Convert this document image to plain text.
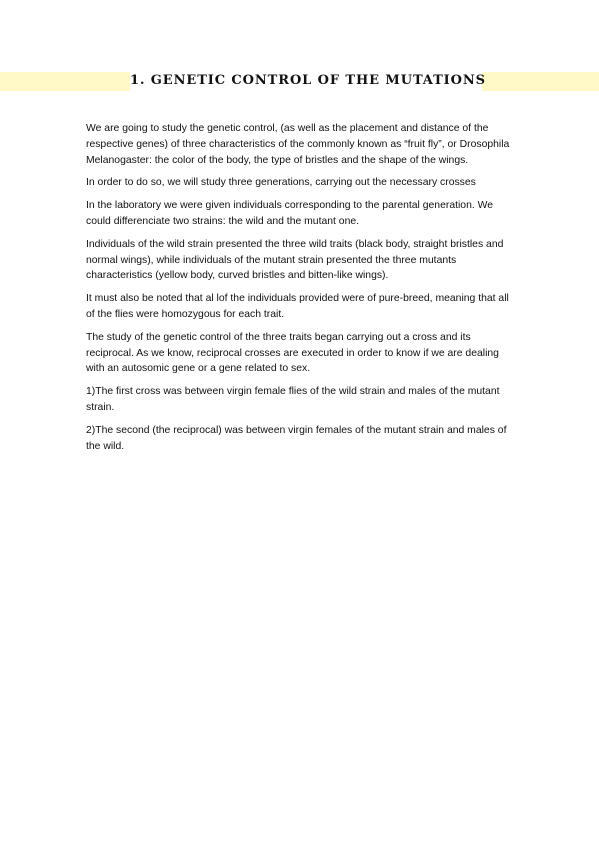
1. GENETIC CONTROL OF THE MUTATIONS

We are going to study the genetic control, (as well as the placement and distance of the respective genes) of three characteristics of the commonly known as “fruit fly”, or Drosophila Melanogaster: the color of the body, the type of bristles and the shape of the wings.

In order to do so, we will study three generations, carrying out the necessary crosses

In the laboratory we were given individuals corresponding to the parental generation. We could differenciate two strains: the wild and the mutant one.

Individuals of the wild strain presented the three wild traits (black body, straight bristles and normal wings), while individuals of the mutant strain presented the three mutants characteristics (yellow body, curved bristles and bitten-like wings).

It must also be noted that al lof the individuals provided were of pure-breed, meaning that all of the flies were homozygous for each trait.

The study of the genetic control of the three traits began carrying out a cross and its reciprocal. As we know, reciprocal crosses are executed in order to know if we are dealing with an autosomic gene or a gene related to sex.

1)The first cross was between virgin female flies of the wild strain and males of the mutant strain.

2)The second (the reciprocal) was between virgin females of the mutant strain and males of the wild.
